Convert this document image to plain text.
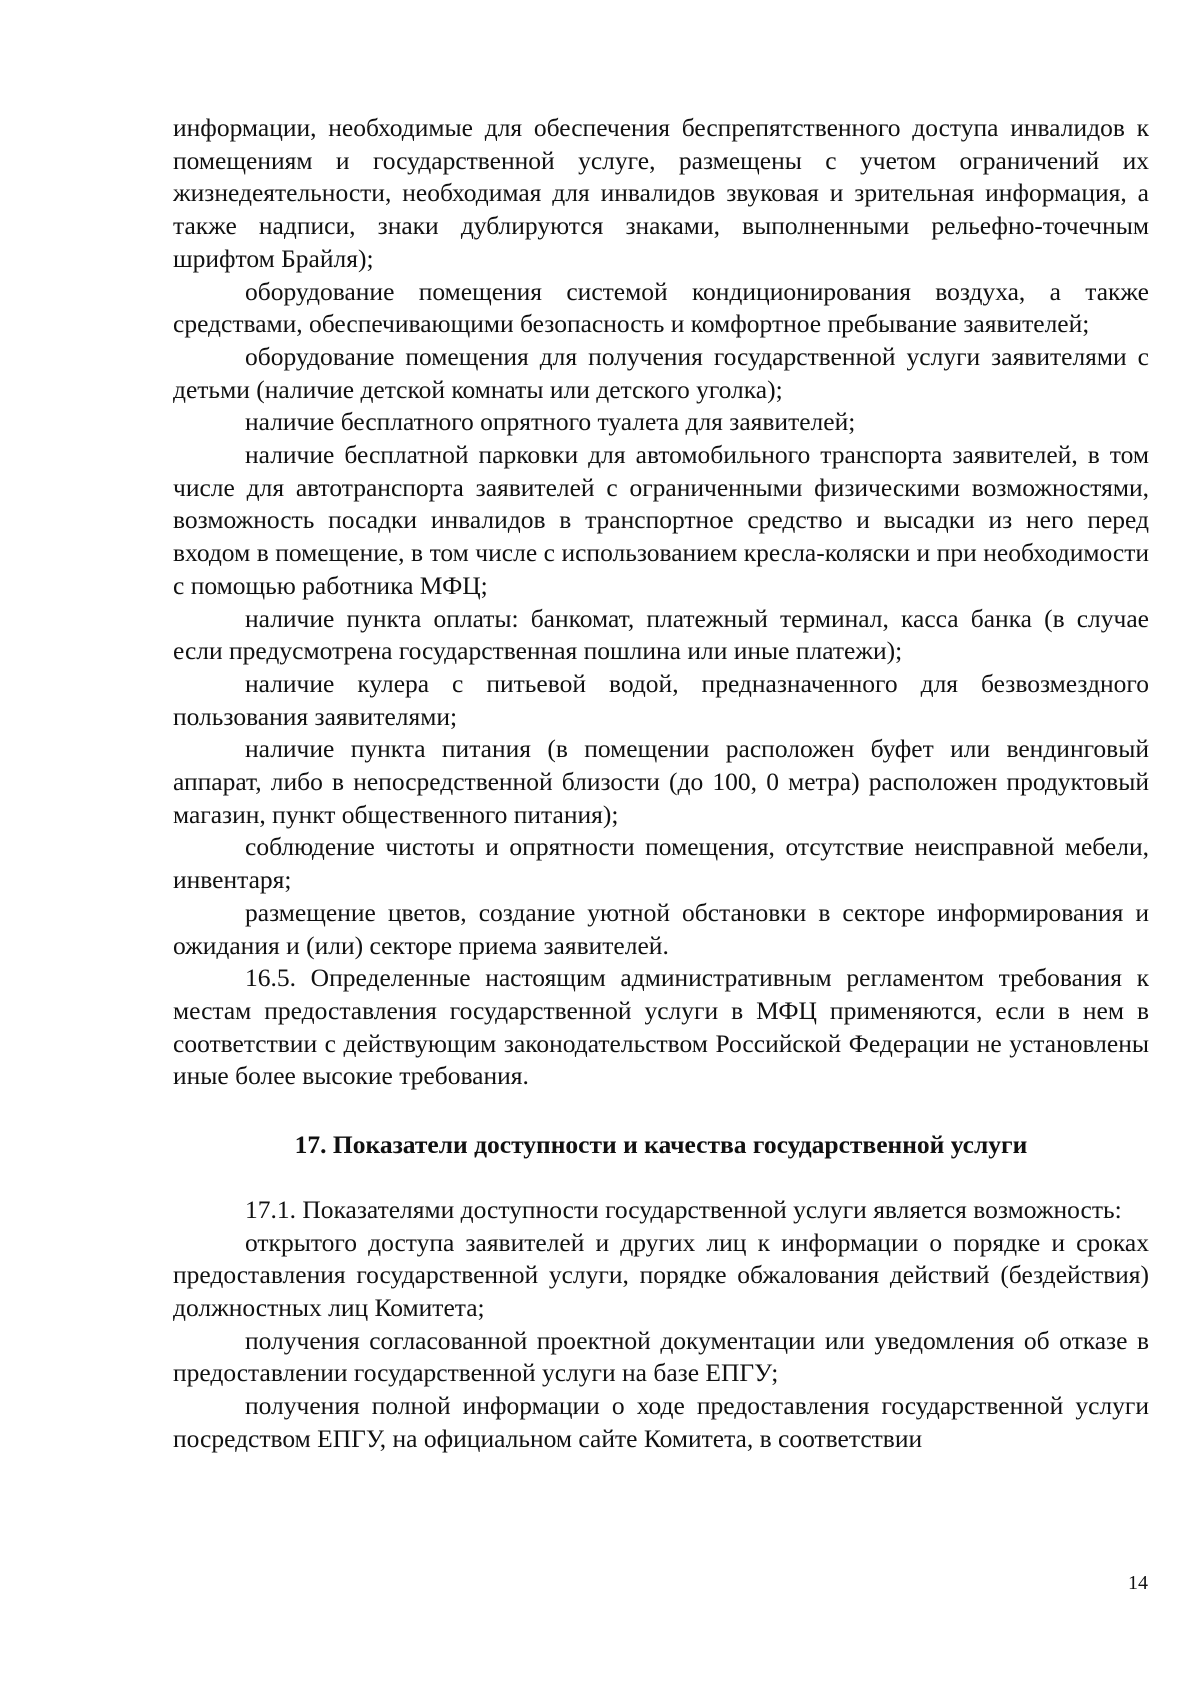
информации, необходимые для обеспечения беспрепятственного доступа инвалидов к помещениям и государственной услуге, размещены с учетом ограничений их жизнедеятельности, необходимая для инвалидов звуковая и зрительная информация, а также надписи, знаки дублируются знаками, выполненными рельефно-точечным шрифтом Брайля);

оборудование помещения системой кондиционирования воздуха, а также средствами, обеспечивающими безопасность и комфортное пребывание заявителей;

оборудование помещения для получения государственной услуги заявителями с детьми (наличие детской комнаты или детского уголка);

наличие бесплатного опрятного туалета для заявителей;

наличие бесплатной парковки для автомобильного транспорта заявителей, в том числе для автотранспорта заявителей с ограниченными физическими возможностями, возможность посадки инвалидов в транспортное средство и высадки из него перед входом в помещение, в том числе с использованием кресла-коляски и при необходимости с помощью работника МФЦ;

наличие пункта оплаты: банкомат, платежный терминал, касса банка (в случае если предусмотрена государственная пошлина или иные платежи);

наличие кулера с питьевой водой, предназначенного для безвозмездного пользования заявителями;

наличие пункта питания (в помещении расположен буфет или вендинговый аппарат, либо в непосредственной близости (до 100, 0 метра) расположен продуктовый магазин, пункт общественного питания);

соблюдение чистоты и опрятности помещения, отсутствие неисправной мебели, инвентаря;

размещение цветов, создание уютной обстановки в секторе информирования и ожидания и (или) секторе приема заявителей.

16.5. Определенные настоящим административным регламентом требования к местам предоставления государственной услуги в МФЦ применяются, если в нем в соответствии с действующим законодательством Российской Федерации не установлены иные более высокие требования.

17. Показатели доступности и качества государственной услуги

17.1. Показателями доступности государственной услуги является возможность:

открытого доступа заявителей и других лиц к информации о порядке и сроках предоставления государственной услуги, порядке обжалования действий (бездействия) должностных лиц Комитета;

получения согласованной проектной документации или уведомления об отказе в предоставлении государственной услуги на базе ЕПГУ;

получения полной информации о ходе предоставления государственной услуги посредством ЕПГУ, на официальном сайте Комитета, в соответствии

14
